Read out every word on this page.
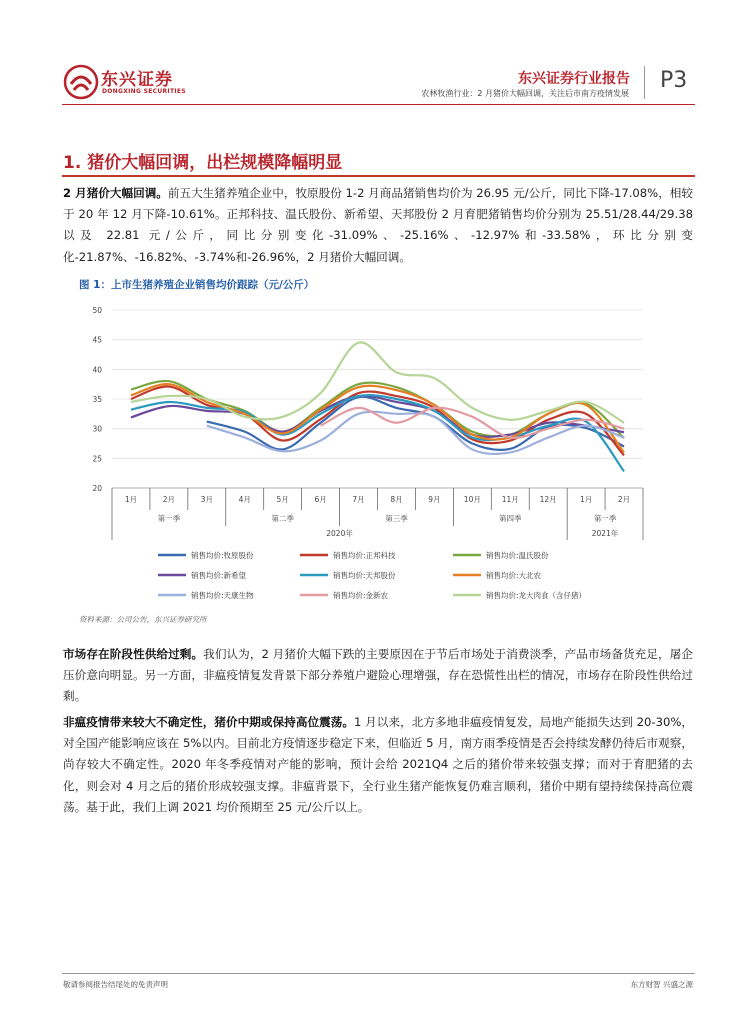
东兴证券
DONGXING SECURITIES
东兴证券行业报告
农林牧渔行业：2 月猪价大幅回调，关注后市南方疫情发展
P3
1. 猪价大幅回调，出栏规模降幅明显
2 月猪价大幅回调。前五大生猪养殖企业中，牧原股份 1-2 月商品猪销售均价为 26.95 元/公斤，同比下降-17.08%，相较于 20 年 12 月下降-10.61%。正邦科技、温氏股份、新希望、天邦股份 2 月育肥猪销售均价分别为 25.51/28.44/29.38 以及 22.81 元/公斤，同比分别变化-31.09%、-25.16%、-12.97%和-33.58%，环比分别变化-21.87%、-16.82%、-3.74%和-26.96%，2 月猪价大幅回调。
图 1：上市生猪养殖企业销售均价跟踪（元/公斤）
20
25
30
35
40
45
50
1月	2月	3月	4月	5月	6月	7月	8月	9月	10月	11月	12月	1月	2月
第一季	第二季	第三季	第四季	第一季
2020年	2021年
销售均价:牧原股份	销售均价:正邦科技	销售均价:温氏股份
销售均价:新希望	销售均价:天邦股份	销售均价:大北农
销售均价:天康生物	销售均价:金新农	销售均价:龙大肉食（含仔猪）
资料来源：公司公告，东兴证券研究所
市场存在阶段性供给过剩。我们认为，2 月猪价大幅下跌的主要原因在于节后市场处于消费淡季，产品市场备货充足，屠企压价意向明显。另一方面，非瘟疫情复发背景下部分养殖户避险心理增强，存在恐慌性出栏的情况，市场存在阶段性供给过剩。
非瘟疫情带来较大不确定性，猪价中期或保持高位震荡。1 月以来，北方多地非瘟疫情复发，局地产能损失达到 20-30%，对全国产能影响应该在 5%以内。目前北方疫情逐步稳定下来，但临近 5 月，南方雨季疫情是否会持续发酵仍待后市观察，尚存较大不确定性。2020 年冬季疫情对产能的影响，预计会给 2021Q4 之后的猪价带来较强支撑；而对于育肥猪的去化，则会对 4 月之后的猪价形成较强支撑。非瘟背景下，全行业生猪产能恢复仍难言顺利，猪价中期有望持续保持高位震荡。基于此，我们上调 2021 均价预期至 25 元/公斤以上。
敬请参阅报告结尾处的免责声明	东方财智 兴盛之源
